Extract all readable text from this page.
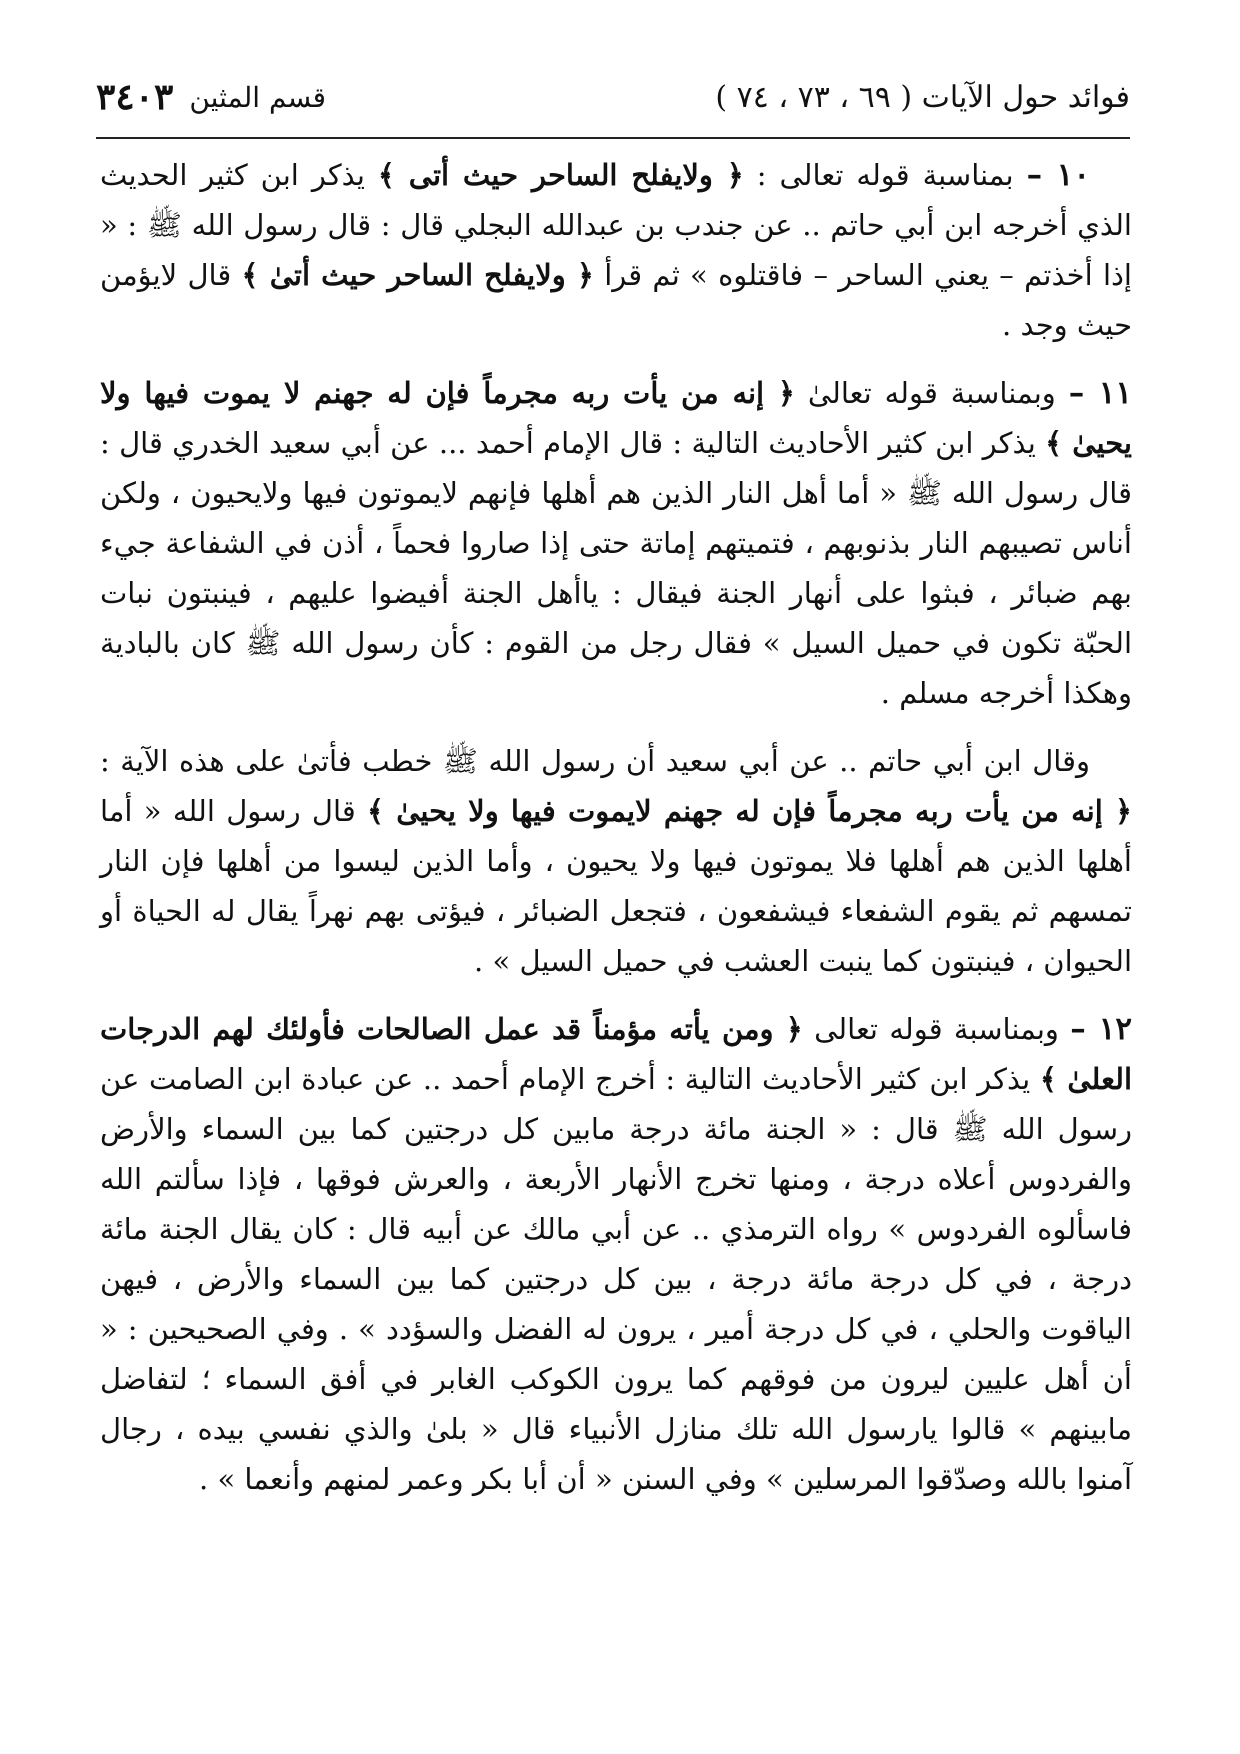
فوائد حول الآيات ( ٦٩ ، ٧٣ ، ٧٤ )
قسم المثين
٣٤٠٣

١٠ – بمناسبة قوله تعالى : ﴿ ولايفلح الساحر حيث أتى ﴾ يذكر ابن كثير الحديث الذي أخرجه ابن أبي حاتم .. عن جندب بن عبدالله البجلي قال : قال رسول الله ﷺ : « إذا أخذتم – يعني الساحر – فاقتلوه » ثم قرأ ﴿ ولايفلح الساحر حيث أتىٰ ﴾ قال لايؤمن حيث وجد .

١١ – وبمناسبة قوله تعالىٰ ﴿ إنه من يأت ربه مجرماً فإن له جهنم لا يموت فيها ولا يحيىٰ ﴾ يذكر ابن كثير الأحاديث التالية : قال الإمام أحمد ... عن أبي سعيد الخدري قال : قال رسول الله ﷺ « أما أهل النار الذين هم أهلها فإنهم لايموتون فيها ولايحيون ، ولكن أناس تصيبهم النار بذنوبهم ، فتميتهم إماتة حتى إذا صاروا فحماً ، أذن في الشفاعة جيء بهم ضبائر ، فبثوا على أنهار الجنة فيقال : ياأهل الجنة أفيضوا عليهم ، فينبتون نبات الحبّة تكون في حميل السيل » فقال رجل من القوم : كأن رسول الله ﷺ كان بالبادية وهكذا أخرجه مسلم .

وقال ابن أبي حاتم .. عن أبي سعيد أن رسول الله ﷺ خطب فأتىٰ على هذه الآية : ﴿ إنه من يأت ربه مجرماً فإن له جهنم لايموت فيها ولا يحيىٰ ﴾ قال رسول الله « أما أهلها الذين هم أهلها فلا يموتون فيها ولا يحيون ، وأما الذين ليسوا من أهلها فإن النار تمسهم ثم يقوم الشفعاء فيشفعون ، فتجعل الضبائر ، فيؤتى بهم نهراً يقال له الحياة أو الحيوان ، فينبتون كما ينبت العشب في حميل السيل » .

١٢ – وبمناسبة قوله تعالى ﴿ ومن يأته مؤمناً قد عمل الصالحات فأولئك لهم الدرجات العلىٰ ﴾ يذكر ابن كثير الأحاديث التالية : أخرج الإمام أحمد .. عن عبادة ابن الصامت عن رسول الله ﷺ قال : « الجنة مائة درجة مابين كل درجتين كما بين السماء والأرض والفردوس أعلاه درجة ، ومنها تخرج الأنهار الأربعة ، والعرش فوقها ، فإذا سألتم الله فاسألوه الفردوس » رواه الترمذي .. عن أبي مالك عن أبيه قال : كان يقال الجنة مائة درجة ، في كل درجة مائة درجة ، بين كل درجتين كما بين السماء والأرض ، فيهن الياقوت والحلي ، في كل درجة أمير ، يرون له الفضل والسؤدد » . وفي الصحيحين : « أن أهل عليين ليرون من فوقهم كما يرون الكوكب الغابر في أفق السماء ؛ لتفاضل مابينهم » قالوا يارسول الله تلك منازل الأنبياء قال « بلىٰ والذي نفسي بيده ، رجال آمنوا بالله وصدّقوا المرسلين » وفي السنن « أن أبا بكر وعمر لمنهم وأنعما » .
